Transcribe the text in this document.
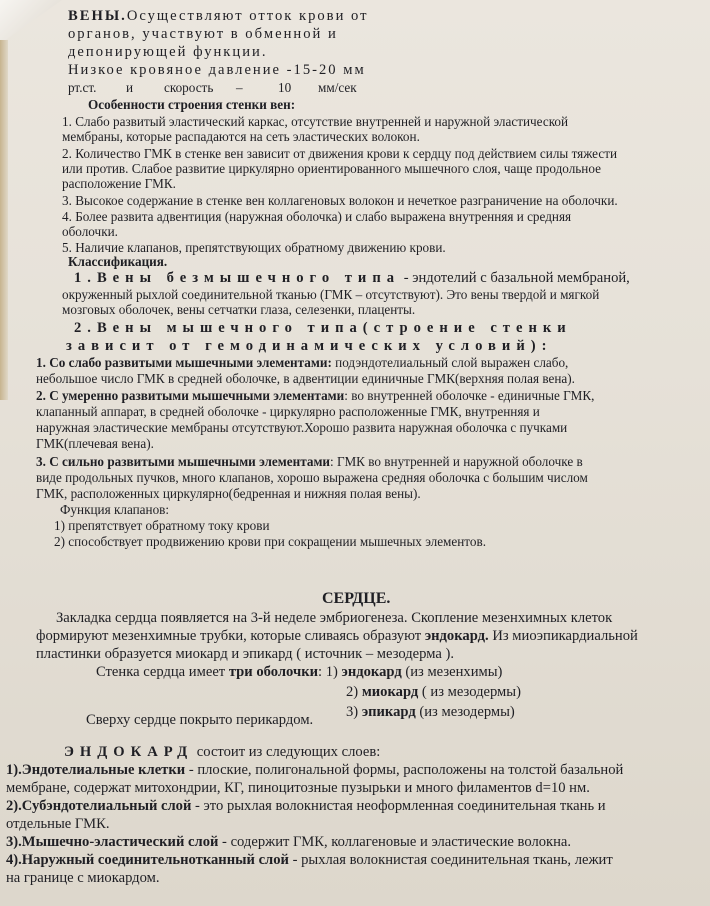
ВЕНЫ.Осуществляют отток крови от
органов, участвуют в обменной и
депонирующей функции.
Низкое кровяное давление -15-20 мм
рт.ст. и скорость –	10 мм/сек
Особенности строения стенки вен:
1. Слабо развитый эластический каркас, отсутствие внутренней и наружной эластической
мембраны, которые распадаются на сеть эластических волокон.
2. Количество ГМК в стенке вен зависит от движения крови к сердцу под действием силы тяжести
или против. Слабое развитие циркулярно ориентированного мышечного слоя, чаще продольное
расположение ГМК.
3. Высокое содержание в стенке вен коллагеновых волокон и нечеткое разграничение на оболочки.
4. Более развита адвентиция (наружная оболочка) и слабо выражена внутренняя и средняя
оболочки.
5. Наличие клапанов, препятствующих обратному движению крови.
Классификация.
1.Вены безмышечного типа - эндотелий с базальной мембраной,
окруженный рыхлой соединительной тканью (ГМК – отсутствуют). Это вены твердой и мягкой
мозговых оболочек, вены сетчатки глаза, селезенки, плаценты.
2.Вены мышечного типа(строение стенки
зависит от гемодинамических условий):
1. Со слабо развитыми мышечными элементами: подэндотелиальный слой выражен слабо,
небольшое число ГМК в средней оболочке, в адвентиции единичные ГМК(верхняя полая вена).
2. С умеренно развитыми мышечными элементами: во внутренней оболочке - единичные ГМК,
клапанный аппарат, в средней оболочке - циркулярно расположенные ГМК, внутренняя и
наружная эластические мембраны отсутствуют.Хорошо развита наружная оболочка с пучками
ГМК(плечевая вена).
3. С сильно развитыми мышечными элементами: ГМК во внутренней и наружной оболочке в
виде продольных пучков, много клапанов, хорошо выражена средняя оболочка с большим числом
ГМК, расположенных циркулярно(бедренная и нижняя полая вены).
Функция клапанов:
1) препятствует обратному току крови
2) способствует продвижению крови при сокращении мышечных элементов.
СЕРДЦЕ.
Закладка сердца появляется на 3-й неделе эмбриогенеза. Скопление мезенхимных клеток
формируют мезенхимные трубки, которые сливаясь образуют эндокард. Из миоэпикардиальной
пластинки образуется миокард и эпикард ( источник – мезодерма ).
Стенка сердца имеет три оболочки: 1) эндокард (из мезенхимы)
2) миокард ( из мезодермы)
3) эпикард (из мезодермы)
Сверху сердце покрыто перикардом.
ЭНДОКАРД состоит из следующих слоев:
1).Эндотелиальные клетки - плоские, полигональной формы, расположены на толстой базальной
мембране, содержат митохондрии, КГ, пиноцитозные пузырьки и много филаментов d=10 нм.
2).Субэндотелиальный слой - это рыхлая волокнистая неоформленная соединительная ткань и
отдельные ГМК.
3).Мышечно-эластический слой - содержит ГМК, коллагеновые и эластические волокна.
4).Наружный соединительнотканный слой - рыхлая волокнистая соединительная ткань, лежит
на границе с миокардом.
